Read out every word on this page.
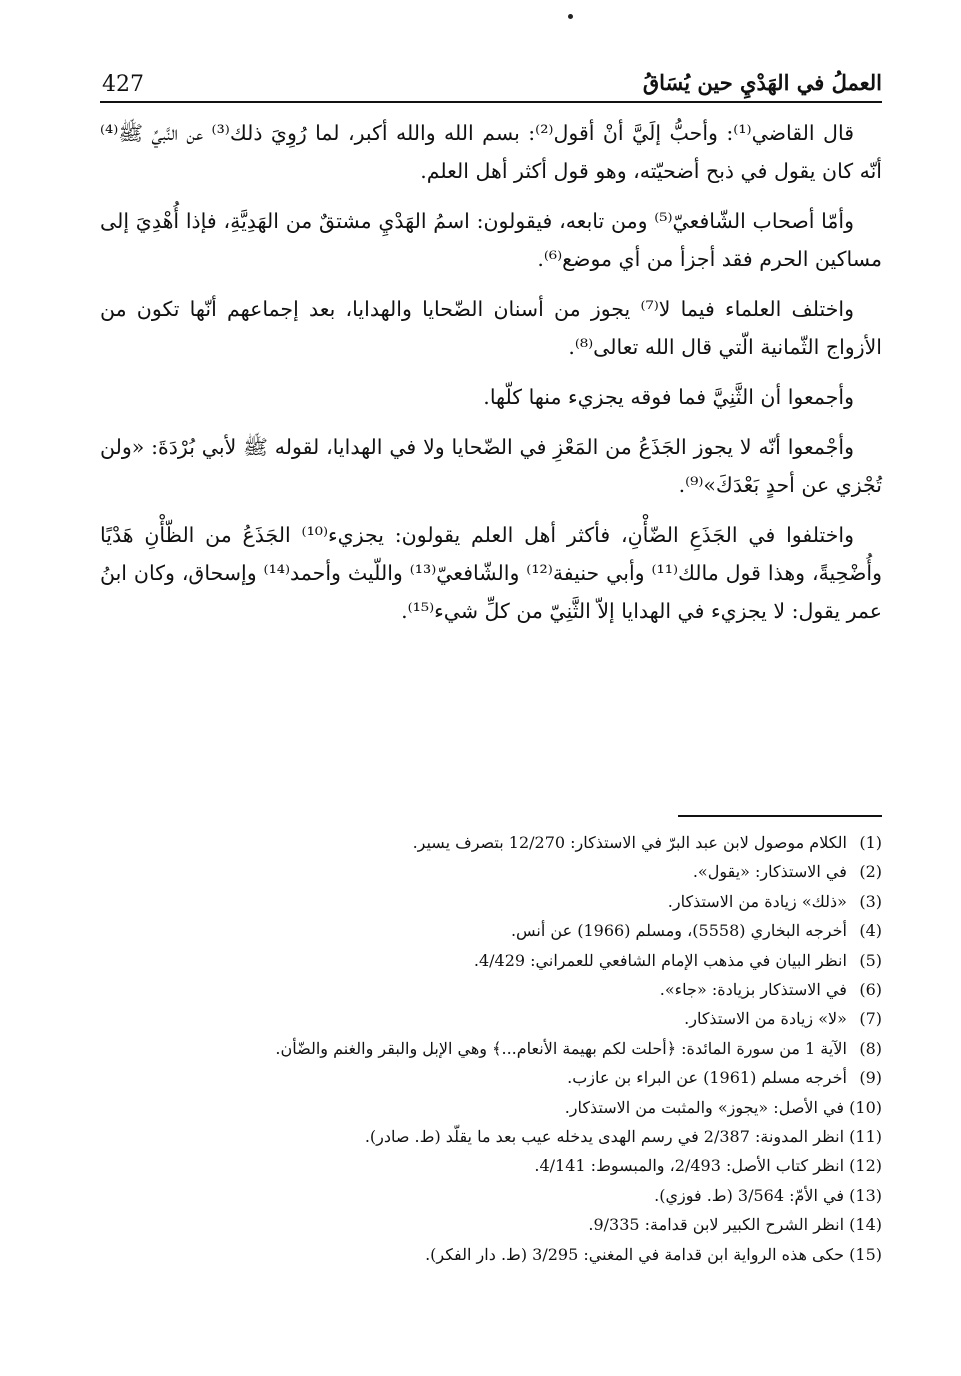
العملُ في الهَدْيِ حين يُسَاقُ
427

قال القاضي⁽¹⁾: وأحبُّ إلَيَّ أنْ أقول⁽²⁾: بسم الله والله أكبر، لما رُوِيَ ذلك⁽³⁾ عن النَّبيِّ ﷺ⁽⁴⁾ أنّه كان يقول في ذبح أضحيّته، وهو قول أكثر أهل العلم.

وأمّا أصحاب الشّافعيّ⁽⁵⁾ ومن تابعه، فيقولون: اسمُ الهَدْيِ مشتقٌ من الهَدِيَّةِ، فإذا أُهْدِيَ إلى مساكين الحرم فقد أجزأ من أي موضع⁽⁶⁾.

واختلف العلماء فيما لا⁽⁷⁾ يجوز من أسنان الضّحايا والهدايا، بعد إجماعهم أنّها تكون من الأزواج الثّمانية الّتي قال الله تعالى⁽⁸⁾.

وأجمعوا أن الثَّنِيَّ فما فوقه يجزيء منها كلّها.

وأجْمعوا أنّه لا يجوز الجَذَعُ من المَعْزِ في الضّحايا ولا في الهدايا، لقوله ﷺ لأبي بُرْدَةَ: «ولن تُجْزي عن أحدٍ بَعْدَكَ»⁽⁹⁾.

واختلفوا في الجَذَعِ الضّأْنِ، فأكثر أهل العلم يقولون: يجزيء⁽¹⁰⁾ الجَذَعُ من الظّأْنِ هَدْيًا وأُضْحِيةً، وهذا قول مالك⁽¹¹⁾ وأبي حنيفة⁽¹²⁾ والشّافعيّ⁽¹³⁾ واللّيث وأحمد⁽¹⁴⁾ وإسحاق، وكان ابنُ عمر يقول: لا يجزيء في الهدايا إلاّ الثَّنِيّ من كلِّ شيء⁽¹⁵⁾.

(1) الكلام موصول لابن عبد البرّ في الاستذكار: 12/270 بتصرف يسير.
(2) في الاستذكار: «يقول».
(3) «ذلك» زيادة من الاستذكار.
(4) أخرجه البخاري (5558)، ومسلم (1966) عن أنس.
(5) انظر البيان في مذهب الإمام الشافعي للعمراني: 4/429.
(6) في الاستذكار بزيادة: «جاء».
(7) «لا» زيادة من الاستذكار.
(8) الآية 1 من سورة المائدة: ﴿أحلت لكم بهيمة الأنعام...﴾ وهي الإبل والبقر والغنم والضّأن.
(9) أخرجه مسلم (1961) عن البراء بن عازب.
(10) في الأصل: «يجوز» والمثبت من الاستذكار.
(11) انظر المدونة: 2/387 في رسم الهدى يدخله عيب بعد ما يقلّد (ط. صادر).
(12) انظر كتاب الأصل: 2/493، والمبسوط: 4/141.
(13) في الأمّ: 3/564 (ط. فوزي).
(14) انظر الشرح الكبير لابن قدامة: 9/335.
(15) حكى هذه الرواية ابن قدامة في المغني: 3/295 (ط. دار الفكر).
